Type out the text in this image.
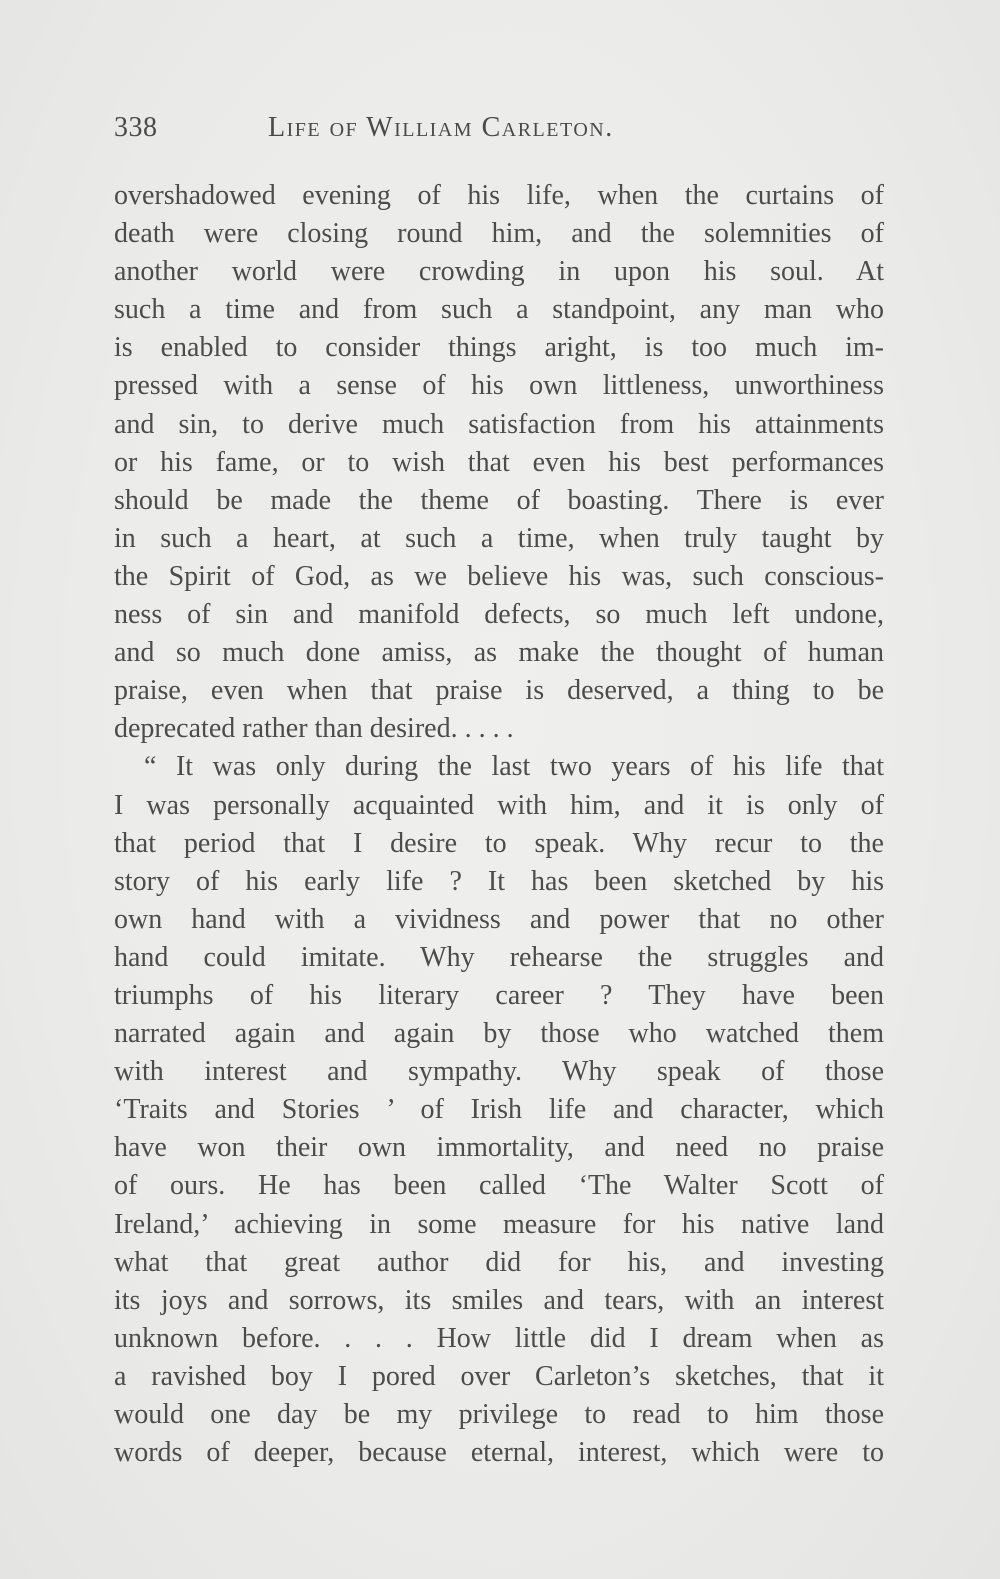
338	Life of William Carleton.
overshadowed evening of his life, when the curtains of
death were closing round him, and the solemnities of
another world were crowding in upon his soul. At
such a time and from such a standpoint, any man who
is enabled to consider things aright, is too much im-
pressed with a sense of his own littleness, unworthiness
and sin, to derive much satisfaction from his attainments
or his fame, or to wish that even his best performances
should be made the theme of boasting. There is ever
in such a heart, at such a time, when truly taught by
the Spirit of God, as we believe his was, such conscious-
ness of sin and manifold defects, so much left undone,
and so much done amiss, as make the thought of human
praise, even when that praise is deserved, a thing to be
deprecated rather than desired. . . . .
“ It was only during the last two years of his life that
I was personally acquainted with him, and it is only of
that period that I desire to speak. Why recur to the
story of his early life ? It has been sketched by his
own hand with a vividness and power that no other
hand could imitate. Why rehearse the struggles and
triumphs of his literary career ? They have been
narrated again and again by those who watched them
with interest and sympathy. Why speak of those
‘Traits and Stories ’ of Irish life and character, which
have won their own immortality, and need no praise
of ours. He has been called ‘The Walter Scott of
Ireland,’ achieving in some measure for his native land
what that great author did for his, and investing
its joys and sorrows, its smiles and tears, with an interest
unknown before. . . . How little did I dream when as
a ravished boy I pored over Carleton’s sketches, that it
would one day be my privilege to read to him those
words of deeper, because eternal, interest, which were to
